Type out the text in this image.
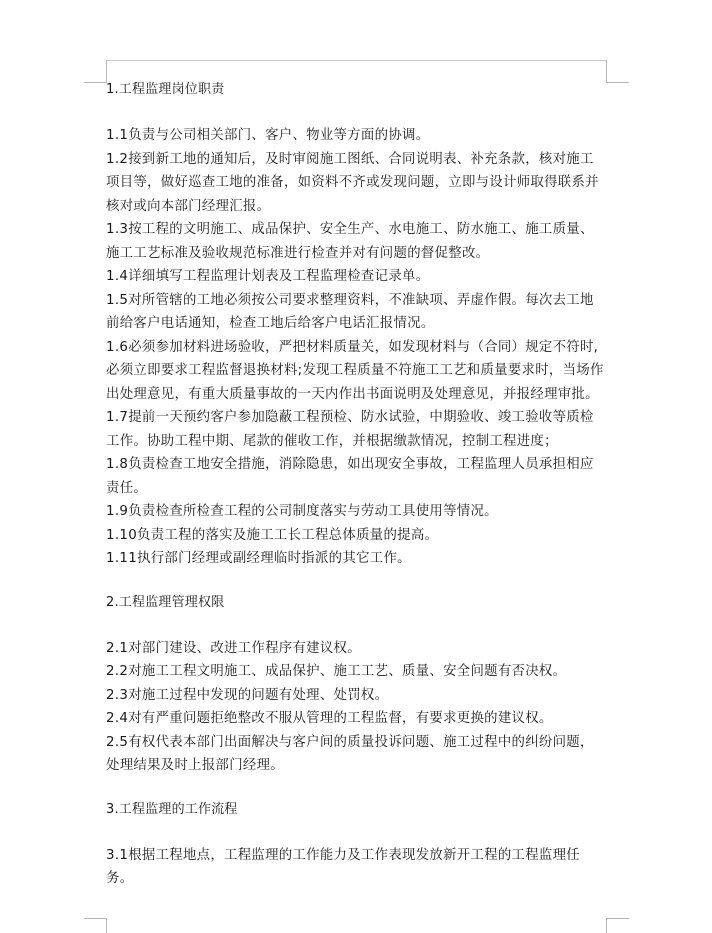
1.工程监理岗位职责

1.1负责与公司相关部门、客户、物业等方面的协调。

1.2接到新工地的通知后，及时审阅施工图纸、合同说明表、补充条款，核对施工项目等，做好巡查工地的准备，如资料不齐或发现问题，立即与设计师取得联系并核对或向本部门经理汇报。

1.3按工程的文明施工、成品保护、安全生产、水电施工、防水施工、施工质量、施工工艺标准及验收规范标准进行检查并对有问题的督促整改。

1.4详细填写工程监理计划表及工程监理检查记录单。

1.5对所管辖的工地必须按公司要求整理资料，不准缺项、弄虚作假。每次去工地前给客户电话通知，检查工地后给客户电话汇报情况。

1.6必须参加材料进场验收，严把材料质量关，如发现材料与（合同）规定不符时,必须立即要求工程监督退换材料;发现工程质量不符施工工艺和质量要求时，当场作出处理意见，有重大质量事故的一天内作出书面说明及处理意见，并报经理审批。

1.7提前一天预约客户参加隐蔽工程预检、防水试验，中期验收、竣工验收等质检工作。协助工程中期、尾款的催收工作，并根据缴款情况，控制工程进度；

1.8负责检查工地安全措施，消除隐患，如出现安全事故，工程监理人员承担相应责任。

1.9负责检查所检查工程的公司制度落实与劳动工具使用等情况。

1.10负责工程的落实及施工工长工程总体质量的提高。

1.11执行部门经理或副经理临时指派的其它工作。

2.工程监理管理权限

2.1对部门建设、改进工作程序有建议权。

2.2对施工工程文明施工、成品保护、施工工艺、质量、安全问题有否决权。

2.3对施工过程中发现的问题有处理、处罚权。

2.4对有严重问题拒绝整改不服从管理的工程监督，有要求更换的建议权。

2.5有权代表本部门出面解决与客户间的质量投诉问题、施工过程中的纠纷问题，处理结果及时上报部门经理。

3.工程监理的工作流程

3.1根据工程地点，工程监理的工作能力及工作表现发放新开工程的工程监理任务。
